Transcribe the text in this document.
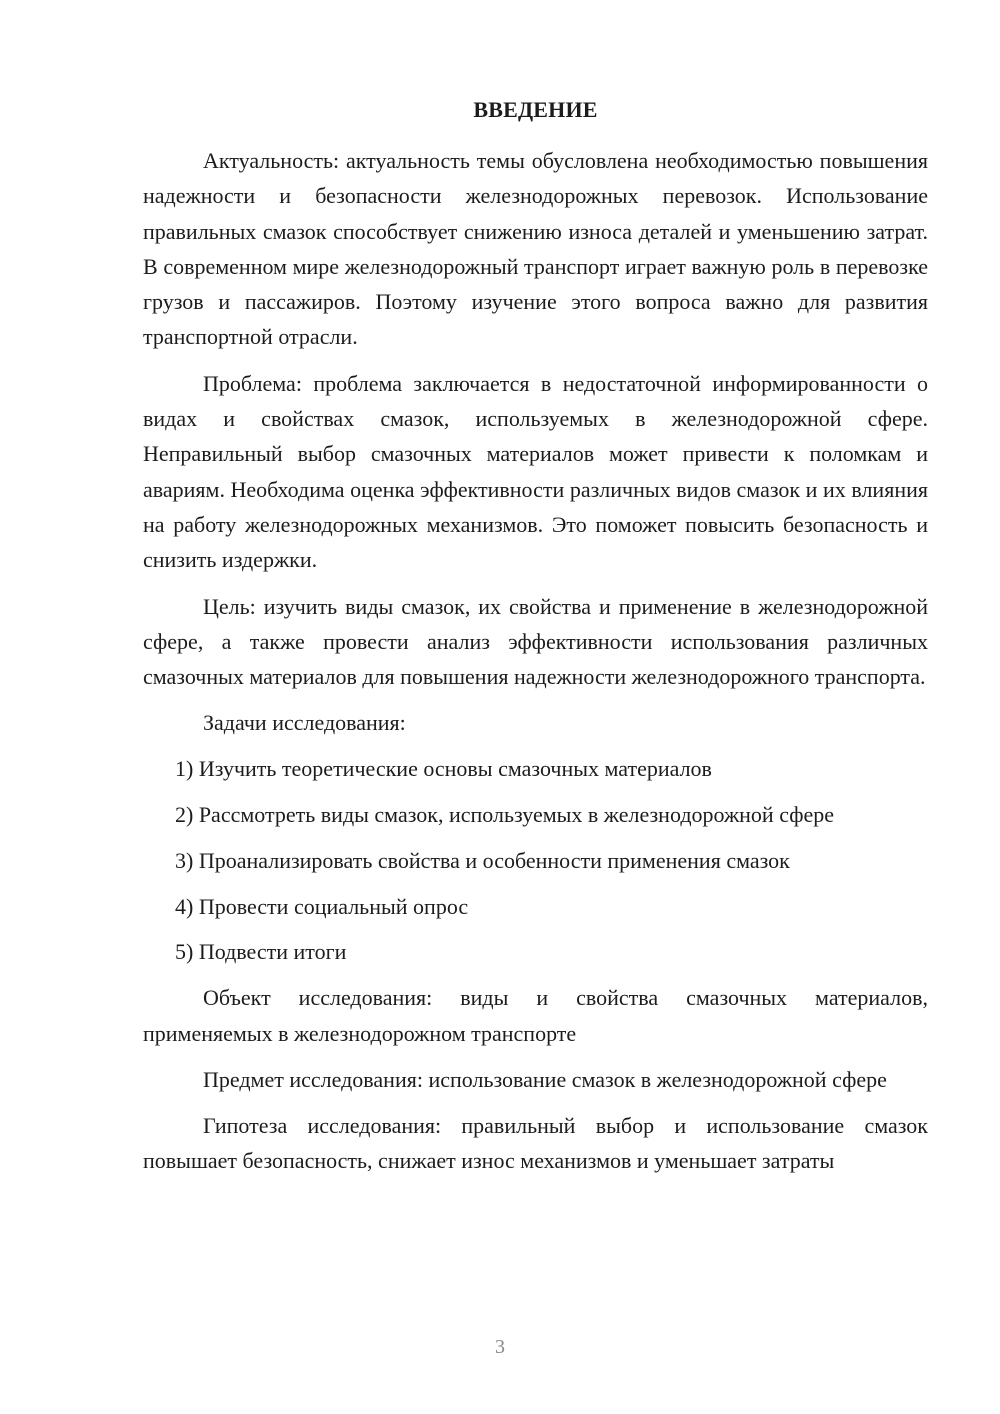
ВВЕДЕНИЕ

Актуальность: актуальность темы обусловлена необходимостью повышения надежности и безопасности железнодорожных перевозок. Использование правильных смазок способствует снижению износа деталей и уменьшению затрат. В современном мире железнодорожный транспорт играет важную роль в перевозке грузов и пассажиров. Поэтому изучение этого вопроса важно для развития транспортной отрасли.

Проблема: проблема заключается в недостаточной информированности о видах и свойствах смазок, используемых в железнодорожной сфере. Неправильный выбор смазочных материалов может привести к поломкам и авариям. Необходима оценка эффективности различных видов смазок и их влияния на работу железнодорожных механизмов. Это поможет повысить безопасность и снизить издержки.

Цель: изучить виды смазок, их свойства и применение в железнодорожной сфере, а также провести анализ эффективности использования различных смазочных материалов для повышения надежности железнодорожного транспорта.

Задачи исследования:

1) Изучить теоретические основы смазочных материалов

2) Рассмотреть виды смазок, используемых в железнодорожной сфере

3) Проанализировать свойства и особенности применения смазок

4) Провести социальный опрос

5) Подвести итоги

Объект исследования: виды и свойства смазочных материалов, применяемых в железнодорожном транспорте

Предмет исследования: использование смазок в железнодорожной сфере

Гипотеза исследования: правильный выбор и использование смазок повышает безопасность, снижает износ механизмов и уменьшает затраты

3
